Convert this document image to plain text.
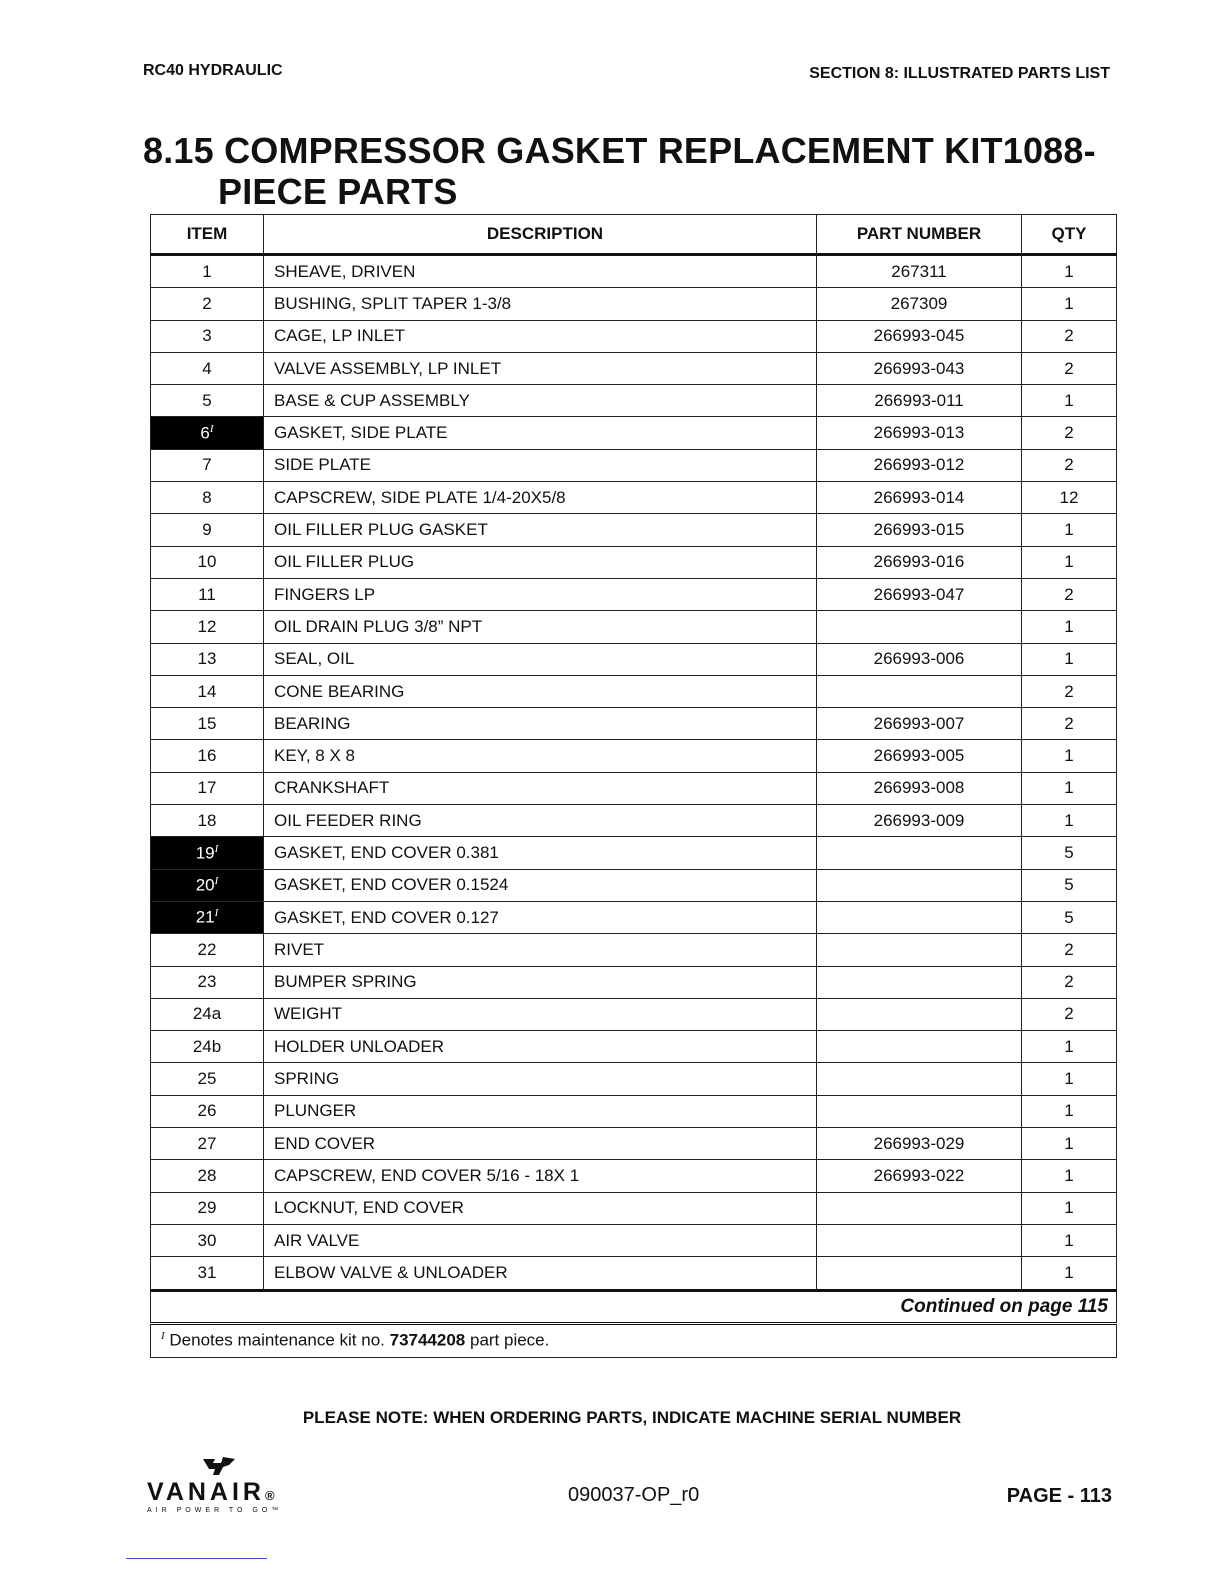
RC40 HYDRAULIC	SECTION 8: ILLUSTRATED PARTS LIST
8.15 COMPRESSOR GASKET REPLACEMENT KIT1088-
PIECE PARTS
ITEM	DESCRIPTION	PART NUMBER	QTY
1	SHEAVE, DRIVEN	267311	1
2	BUSHING, SPLIT TAPER 1-3/8	267309	1
3	CAGE, LP INLET	266993-045	2
4	VALVE ASSEMBLY, LP INLET	266993-043	2
5	BASE & CUP ASSEMBLY	266993-011	1
$6^I$	GASKET, SIDE PLATE	266993-013	2
7	SIDE PLATE	266993-012	2
8	CAPSCREW, SIDE PLATE 1/4-20X5/8	266993-014	12
9	OIL FILLER PLUG GASKET	266993-015	1
10	OIL FILLER PLUG	266993-016	1
11	FINGERS LP	266993-047	2
12	OIL DRAIN PLUG 3/8” NPT		1
13	SEAL, OIL	266993-006	1
14	CONE BEARING		2
15	BEARING	266993-007	2
16	KEY, 8 X 8	266993-005	1
17	CRANKSHAFT	266993-008	1
18	OIL FEEDER RING	266993-009	1
$19^I$	GASKET, END COVER 0.381		5
$20^I$	GASKET, END COVER 0.1524		5
$21^I$	GASKET, END COVER 0.127		5
22	RIVET		2
23	BUMPER SPRING		2
24a	WEIGHT		2
24b	HOLDER UNLOADER		1
25	SPRING		1
26	PLUNGER		1
27	END COVER	266993-029	1
28	CAPSCREW, END COVER 5/16 - 18X 1	266993-022	1
29	LOCKNUT, END COVER		1
30	AIR VALVE		1
31	ELBOW VALVE & UNLOADER		1
Continued on page 115			
$^I$ Denotes maintenance kit no. 73744208 part piece.			
PLEASE NOTE: WHEN ORDERING PARTS, INDICATE MACHINE SERIAL NUMBER
VANAIR®
AIR POWER TO GO™
090037-OP_r0	PAGE - 113
